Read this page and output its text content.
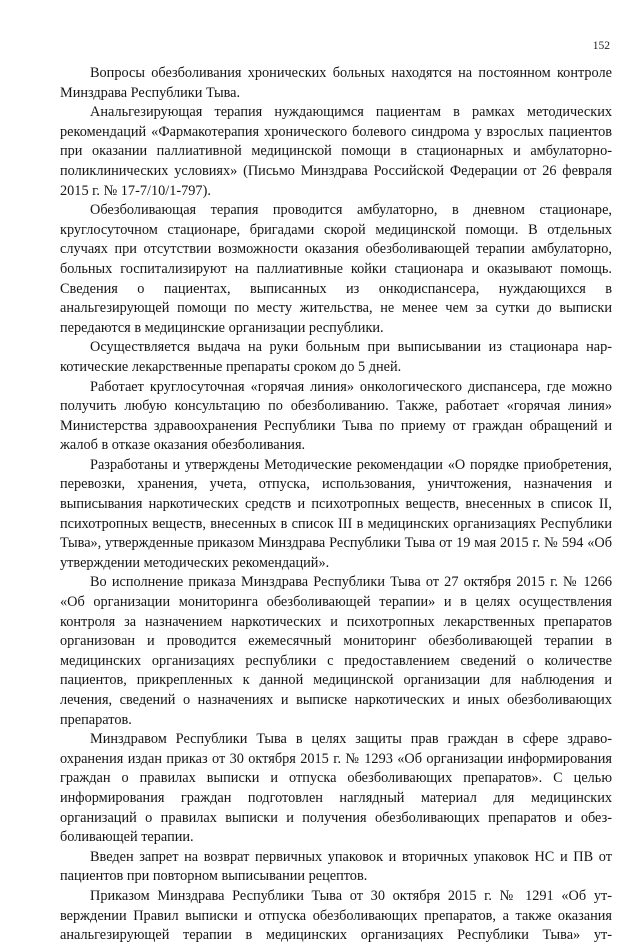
152

Вопросы обезболивания хронических больных находятся на постоянном контроле Минздрава Республики Тыва.

Анальгезирующая терапия нуждающимся пациентам в рамках методических рекомендаций «Фармакотерапия хронического болевого синдрома у взрослых пациентов при оказании паллиативной медицинской помощи в стационарных и амбулаторно-поликлинических условиях» (Письмо Минздрава Российской Федерации от 26 февраля 2015 г. № 17-7/10/1-797).

Обезболивающая терапия проводится амбулаторно, в дневном стационаре, круглосуточном стационаре, бригадами скорой медицинской помощи. В отдельных случаях при отсутствии возможности оказания обезболивающей терапии амбулаторно, больных госпитализируют на паллиативные койки стационара и оказывают помощь. Сведения о пациентах, выписанных из онкодиспансера, нуждающихся в анальгезирующей помощи по месту жительства, не менее чем за сутки до выписки передаются в медицинские организации республики.

Осуществляется выдача на руки больным при выписывании из стационара наркотические лекарственные препараты сроком до 5 дней.

Работает круглосуточная «горячая линия» онкологического диспансера, где можно получить любую консультацию по обезболиванию. Также, работает «горячая линия» Министерства здравоохранения Республики Тыва по приему от граждан обращений и жалоб в отказе оказания обезболивания.

Разработаны и утверждены Методические рекомендации «О порядке приобретения, перевозки, хранения, учета, отпуска, использования, уничтожения, назначения и выписывания наркотических средств и психотропных веществ, внесенных в список II, психотропных веществ, внесенных в список III в медицинских организациях Республики Тыва», утвержденные приказом Минздрава Республики Тыва от 19 мая 2015 г. № 594 «Об утверждении методических рекомендаций».

Во исполнение приказа Минздрава Республики Тыва от 27 октября 2015 г. № 1266 «Об организации мониторинга обезболивающей терапии» и в целях осуществления контроля за назначением наркотических и психотропных лекарственных препаратов организован и проводится ежемесячный мониторинг обезболивающей терапии в медицинских организациях республики с предоставлением сведений о количестве пациентов, прикрепленных к данной медицинской организации для наблюдения и лечения, сведений о назначениях и выписке наркотических и иных обезболивающих препаратов.

Минздравом Республики Тыва в целях защиты прав граждан в сфере здравоохранения издан приказ от 30 октября 2015 г. № 1293 «Об организации информирования граждан о правилах выписки и отпуска обезболивающих препаратов». С целью информирования граждан подготовлен наглядный материал для медицинских организаций о правилах выписки и получения обезболивающих препаратов и обезболивающей терапии.

Введен запрет на возврат первичных упаковок и вторичных упаковок НС и ПВ от пациентов при повторном выписывании рецептов.

Приказом Минздрава Республики Тыва от 30 октября 2015 г. № 1291 «Об утверждении Правил выписки и отпуска обезболивающих препаратов, а также оказания анальгезирующей терапии в медицинских организациях Республики Тыва» ут-
